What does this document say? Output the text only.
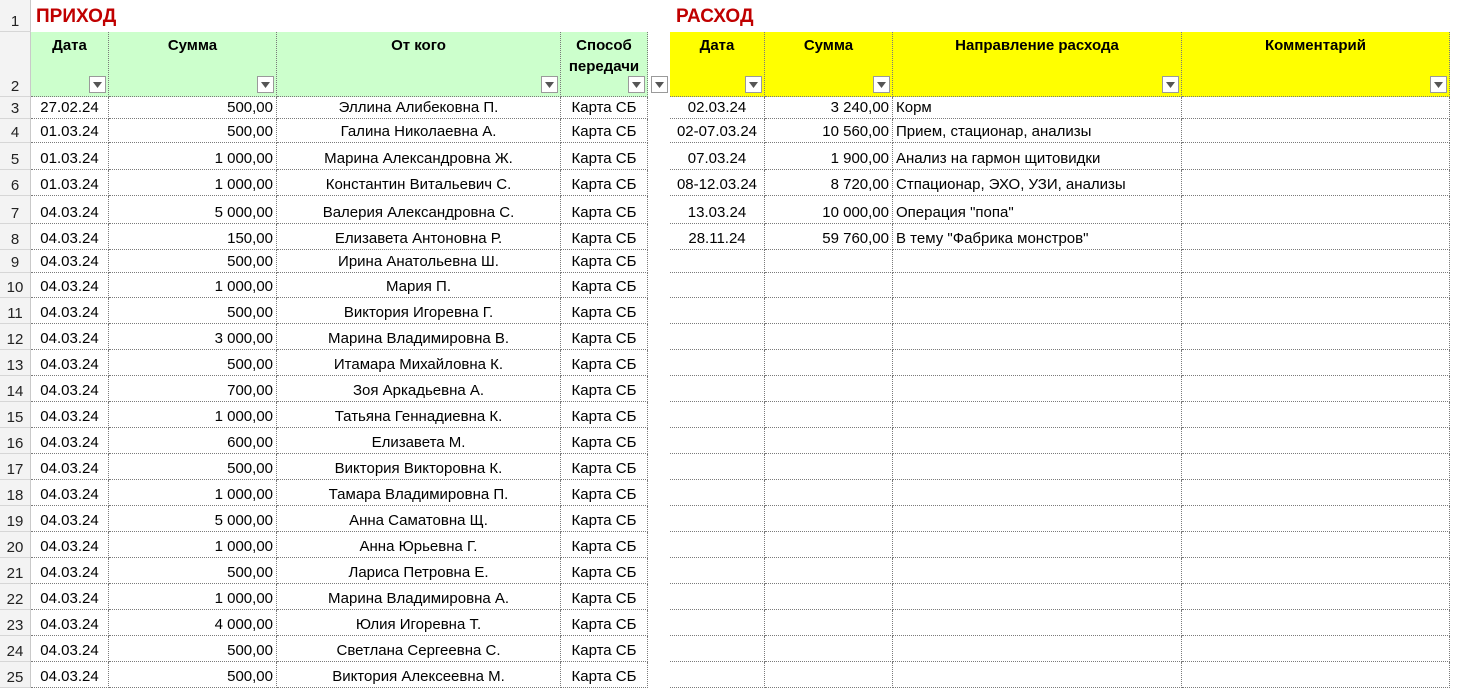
1
2
3
4
5
6
7
8
9
10
11
12
13
14
15
16
17
18
19
20
21
22
23
24
25
ПРИХОД	РАСХОД
Дата	Сумма	От кого	Способ передачи
27.02.24	500,00	Эллина Алибековна П.	Карта СБ
01.03.24	500,00	Галина Николаевна А.	Карта СБ
01.03.24	1 000,00	Марина Александровна Ж.	Карта СБ
01.03.24	1 000,00	Константин Витальевич С.	Карта СБ
04.03.24	5 000,00	Валерия Александровна С.	Карта СБ
04.03.24	150,00	Елизавета Антоновна Р.	Карта СБ
04.03.24	500,00	Ирина Анатольевна Ш.	Карта СБ
04.03.24	1 000,00	Мария П.	Карта СБ
04.03.24	500,00	Виктория Игоревна Г.	Карта СБ
04.03.24	3 000,00	Марина Владимировна В.	Карта СБ
04.03.24	500,00	Итамара Михайловна К.	Карта СБ
04.03.24	700,00	Зоя Аркадьевна А.	Карта СБ
04.03.24	1 000,00	Татьяна Геннадиевна К.	Карта СБ
04.03.24	600,00	Елизавета М.	Карта СБ
04.03.24	500,00	Виктория Викторовна К.	Карта СБ
04.03.24	1 000,00	Тамара Владимировна П.	Карта СБ
04.03.24	5 000,00	Анна Саматовна Щ.	Карта СБ
04.03.24	1 000,00	Анна Юрьевна Г.	Карта СБ
04.03.24	500,00	Лариса Петровна Е.	Карта СБ
04.03.24	1 000,00	Марина Владимировна А.	Карта СБ
04.03.24	4 000,00	Юлия Игоревна Т.	Карта СБ
04.03.24	500,00	Светлана Сергеевна С.	Карта СБ
04.03.24	500,00	Виктория Алексеевна М.	Карта СБ
Дата	Сумма	Направление расхода	Комментарий
02.03.24	3 240,00 Корм
02-07.03.24	10 560,00 Прием, стационар, анализы
07.03.24	1 900,00 Анализ на гармон щитовидки
08-12.03.24	8 720,00 Стпационар, ЭХО, УЗИ, анализы
13.03.24	10 000,00 Операция "попа"
28.11.24	59 760,00 В тему "Фабрика монстров"
